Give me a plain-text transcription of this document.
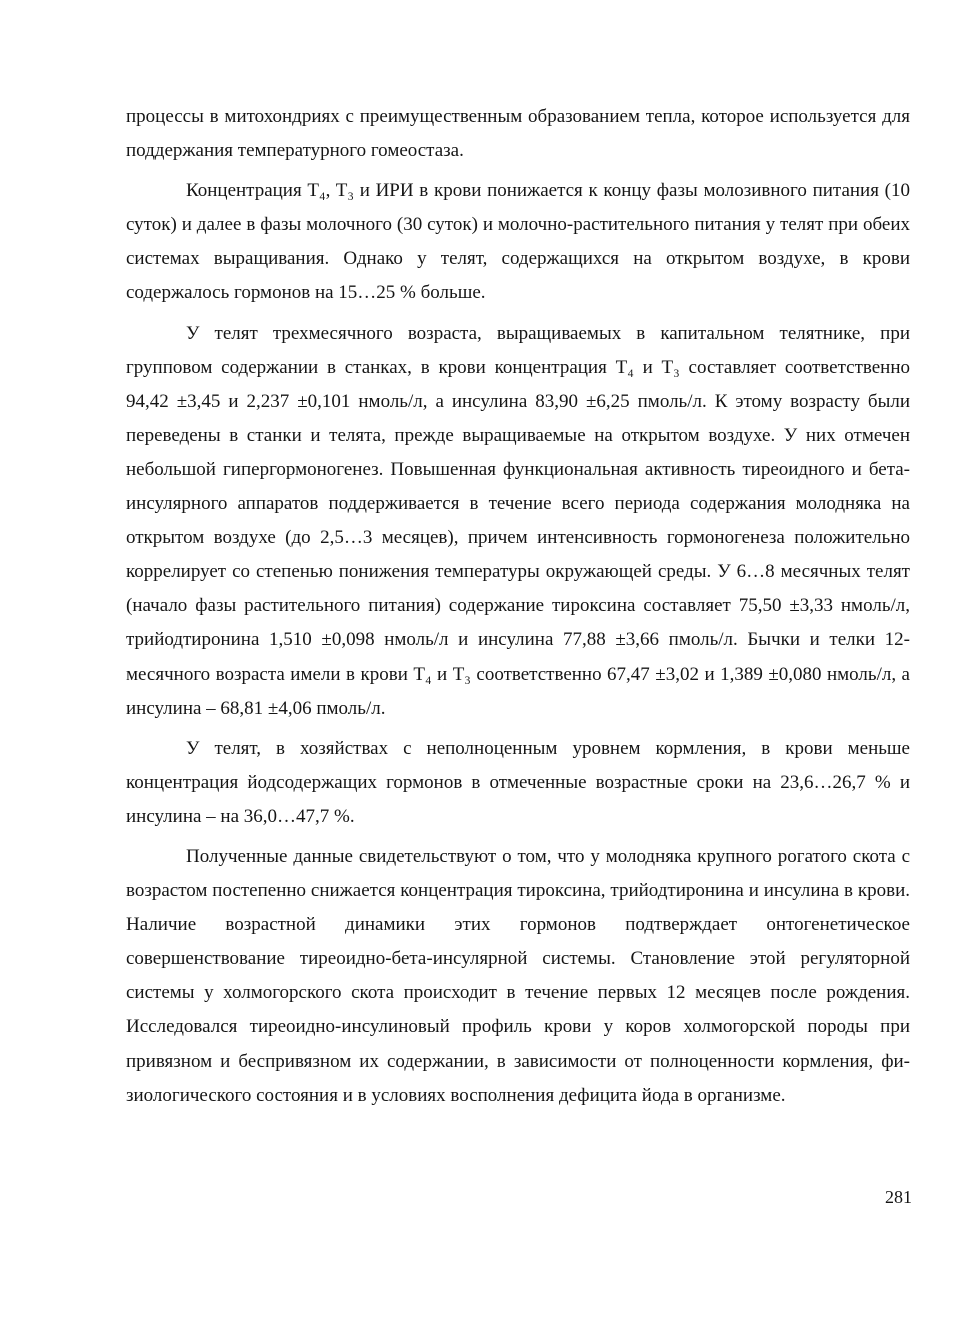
процессы в митохондриях с преимущественным образованием тепла, которое используется для поддержания температурного гомеостаза.

Концентрация T₄, T₃ и ИРИ в крови понижается к концу фазы молозивного питания (10 суток) и далее в фазы молочного (30 суток) и молочно-растительного питания у телят при обеих системах выращивания. Однако у телят, содержащихся на открытом воздухе, в крови содержалось гормонов на 15…25 % больше.

У телят трехмесячного возраста, выращиваемых в капитальном телятнике, при групповом содержании в станках, в крови концентрация T₄ и T₃ составляет соответственно 94,42 ±3,45 и 2,237 ±0,101 нмоль/л, а инсулина 83,90 ±6,25 пмоль/л. К этому возрасту были переведены в станки и телята, прежде выращиваемые на открытом воздухе. У них отмечен небольшой гипергормоногенез. Повышенная функциональная активность тиреоидного и бета-инсулярного аппаратов поддерживается в течение всего периода содержания молодняка на открытом воздухе (до 2,5…3 месяцев), причем интенсивность гормоногенеза положительно коррелирует со степенью понижения температуры окружающей среды. У 6…8 месячных телят (начало фазы растительного питания) содержание тироксина составляет 75,50 ±3,33 нмоль/л, трийодтиронина 1,510 ±0,098 нмоль/л и инсулина 77,88 ±3,66 пмоль/л. Бычки и телки 12-месячного возраста имели в крови T₄ и T₃ соответственно 67,47 ±3,02 и 1,389 ±0,080 нмоль/л, а инсулина – 68,81 ±4,06 пмоль/л.

У телят, в хозяйствах с неполноценным уровнем кормления, в крови меньше концентрация йодсодержащих гормонов в отмеченные возрастные сроки на 23,6…26,7 % и инсулина – на 36,0…47,7 %.

Полученные данные свидетельствуют о том, что у молодняка крупного рогатого скота с возрастом постепенно снижается концентрация тироксина, трийодтиронина и инсулина в крови. Наличие возрастной динамики этих гормонов подтверждает онтогенетическое совершенствование тиреоидно-бета-инсулярной системы. Становление этой регуляторной системы у холмогорского скота происходит в течение первых 12 месяцев после рождения. Исследовался тиреоидно-инсулиновый профиль крови у коров холмогорской породы при привязном и беспривязном их содержании, в зависимости от полноценности кормления, физиологического состояния и в условиях восполнения дефицита йода в организме.

281
